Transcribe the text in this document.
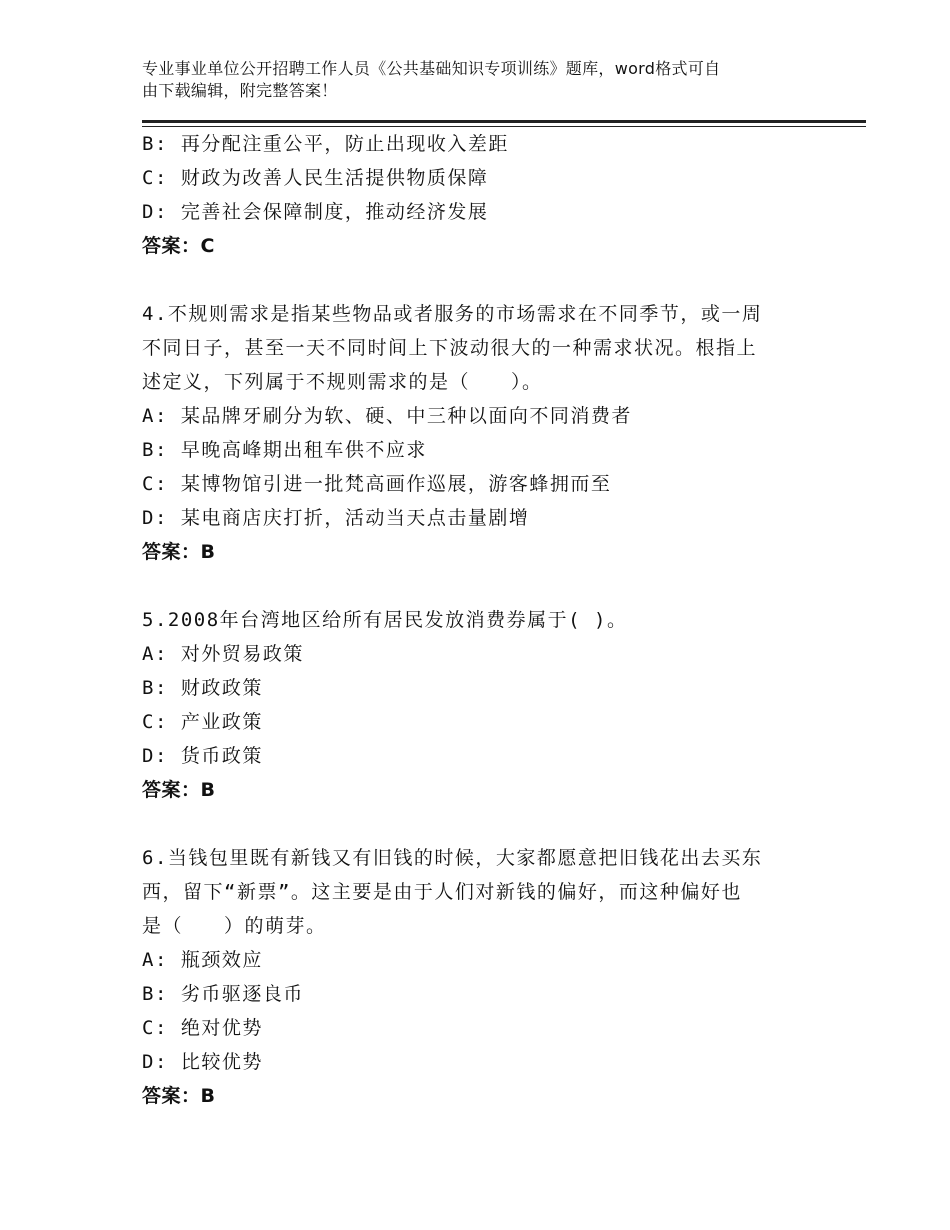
专业事业单位公开招聘工作人员《公共基础知识专项训练》题库，word格式可自
由下载编辑，附完整答案！
B: 再分配注重公平，防止出现收入差距
C: 财政为改善人民生活提供物质保障
D: 完善社会保障制度，推动经济发展
答案：C
4.不规则需求是指某些物品或者服务的市场需求在不同季节，或一周
不同日子，甚至一天不同时间上下波动很大的一种需求状况。根指上
述定义，下列属于不规则需求的是（　　）。
A: 某品牌牙刷分为软、硬、中三种以面向不同消费者
B: 早晚高峰期出租车供不应求
C: 某博物馆引进一批梵高画作巡展，游客蜂拥而至
D: 某电商店庆打折，活动当天点击量剧增
答案：B
5.2008年台湾地区给所有居民发放消费券属于( )。
A: 对外贸易政策
B: 财政政策
C: 产业政策
D: 货币政策
答案：B
6.当钱包里既有新钱又有旧钱的时候，大家都愿意把旧钱花出去买东
西，留下“新票”。这主要是由于人们对新钱的偏好，而这种偏好也
是（　　）的萌芽。
A: 瓶颈效应
B: 劣币驱逐良币
C: 绝对优势
D: 比较优势
答案：B
